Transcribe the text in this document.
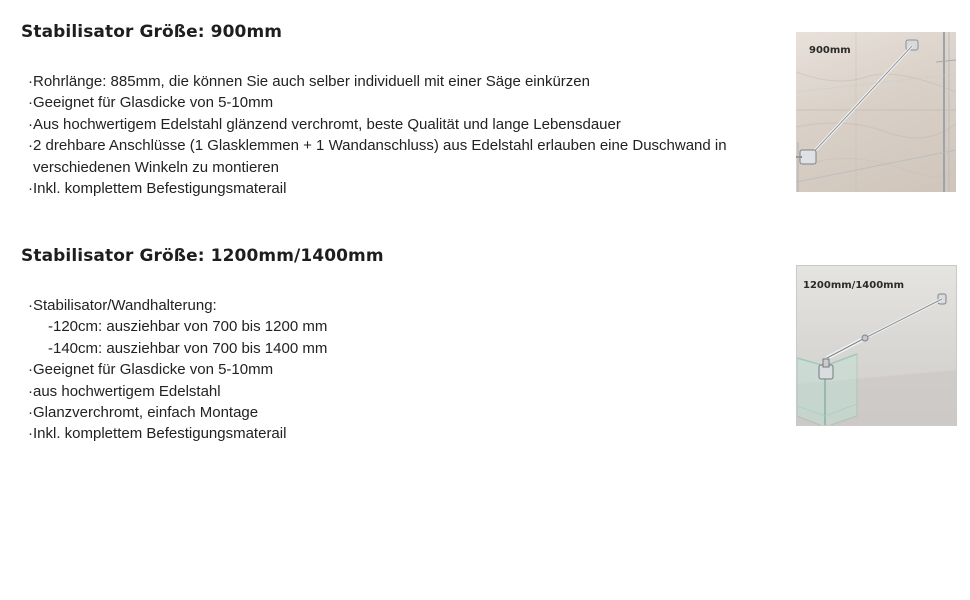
Stabilisator Größe: 900mm
·Rohrlänge: 885mm, die können Sie auch selber individuell mit einer Säge einkürzen
·Geeignet für Glasdicke von 5-10mm
·Aus hochwertigem Edelstahl glänzend verchromt, beste Qualität und lange Lebensdauer
·2 drehbare Anschlüsse (1 Glasklemmen + 1 Wandanschluss) aus Edelstahl erlauben eine Duschwand in verschiedenen Winkeln zu montieren
·Inkl. komplettem Befestigungsmaterail
900mm
Stabilisator Größe: 1200mm/1400mm
·Stabilisator/Wandhalterung:
-120cm: ausziehbar von 700 bis 1200 mm
-140cm: ausziehbar von 700 bis 1400 mm
·Geeignet für Glasdicke von 5-10mm
·aus hochwertigem Edelstahl
·Glanzverchromt, einfach Montage
·Inkl. komplettem Befestigungsmaterail
1200mm/1400mm
